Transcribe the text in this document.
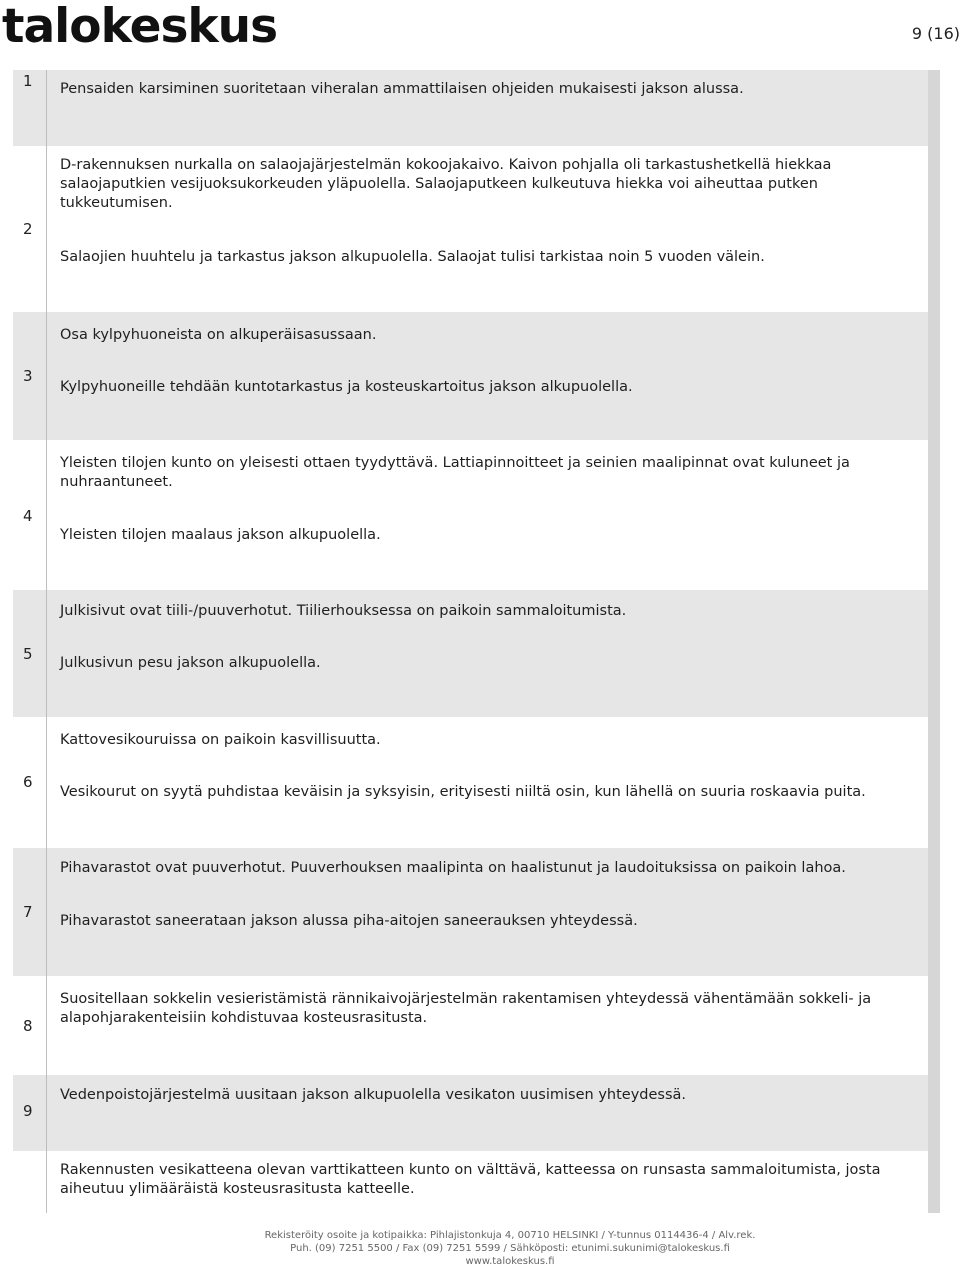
talokeskus	9 (16)
1 Pensaiden karsiminen suoritetaan viheralan ammattilaisen ohjeiden mukaisesti jakson alussa.

2

D-rakennuksen nurkalla on salaojajärjestelmän kokoojakaivo. Kaivon pohjalla oli tarkastushetkellä hiekkaa salaojaputkien vesijuoksukorkeuden yläpuolella. Salaojaputkeen kulkeutuva hiekka voi aiheuttaa putken tukkeutumisen.

Salaojien huuhtelu ja tarkastus jakson alkupuolella. Salaojat tulisi tarkistaa noin 5 vuoden välein.

3

Osa kylpyhuoneista on alkuperäisasussaan.

Kylpyhuoneille tehdään kuntotarkastus ja kosteuskartoitus jakson alkupuolella.

4

Yleisten tilojen kunto on yleisesti ottaen tyydyttävä. Lattiapinnoitteet ja seinien maalipinnat ovat kuluneet ja nuhraantuneet.

Yleisten tilojen maalaus jakson alkupuolella.

5

Julkisivut ovat tiili-/puuverhotut. Tiilierhouksessa on paikoin sammaloitumista.

Julkusivun pesu jakson alkupuolella.

6

Kattovesikouruissa on paikoin kasvillisuutta.

Vesikourut on syytä puhdistaa keväisin ja syksyisin, erityisesti niiltä osin, kun lähellä on suuria roskaavia puita.

7

Pihavarastot ovat puuverhotut. Puuverhouksen maalipinta on haalistunut ja laudoituksissa on paikoin lahoa.

Pihavarastot saneerataan jakson alussa piha-aitojen saneerauksen yhteydessä.

8

Suositellaan sokkelin vesieristämistä rännikaivojärjestelmän rakentamisen yhteydessä vähentämään sokkeli- ja alapohjarakenteisiin kohdistuvaa kosteusrasitusta.

9

Vedenpoistojärjestelmä uusitaan jakson alkupuolella vesikaton uusimisen yhteydessä.

Rakennusten vesikatteena olevan varttikatteen kunto on välttävä, katteessa on runsasta sammaloitumista, josta aiheutuu ylimääräistä kosteusrasitusta katteelle.

Rekisteröity osoite ja kotipaikka: Pihlajistonkuja 4, 00710 HELSINKI / Y-tunnus 0114436-4 / Alv.rek.
Puh. (09) 7251 5500 / Fax (09) 7251 5599 / Sähköposti: etunimi.sukunimi@talokeskus.fi
www.talokeskus.fi
